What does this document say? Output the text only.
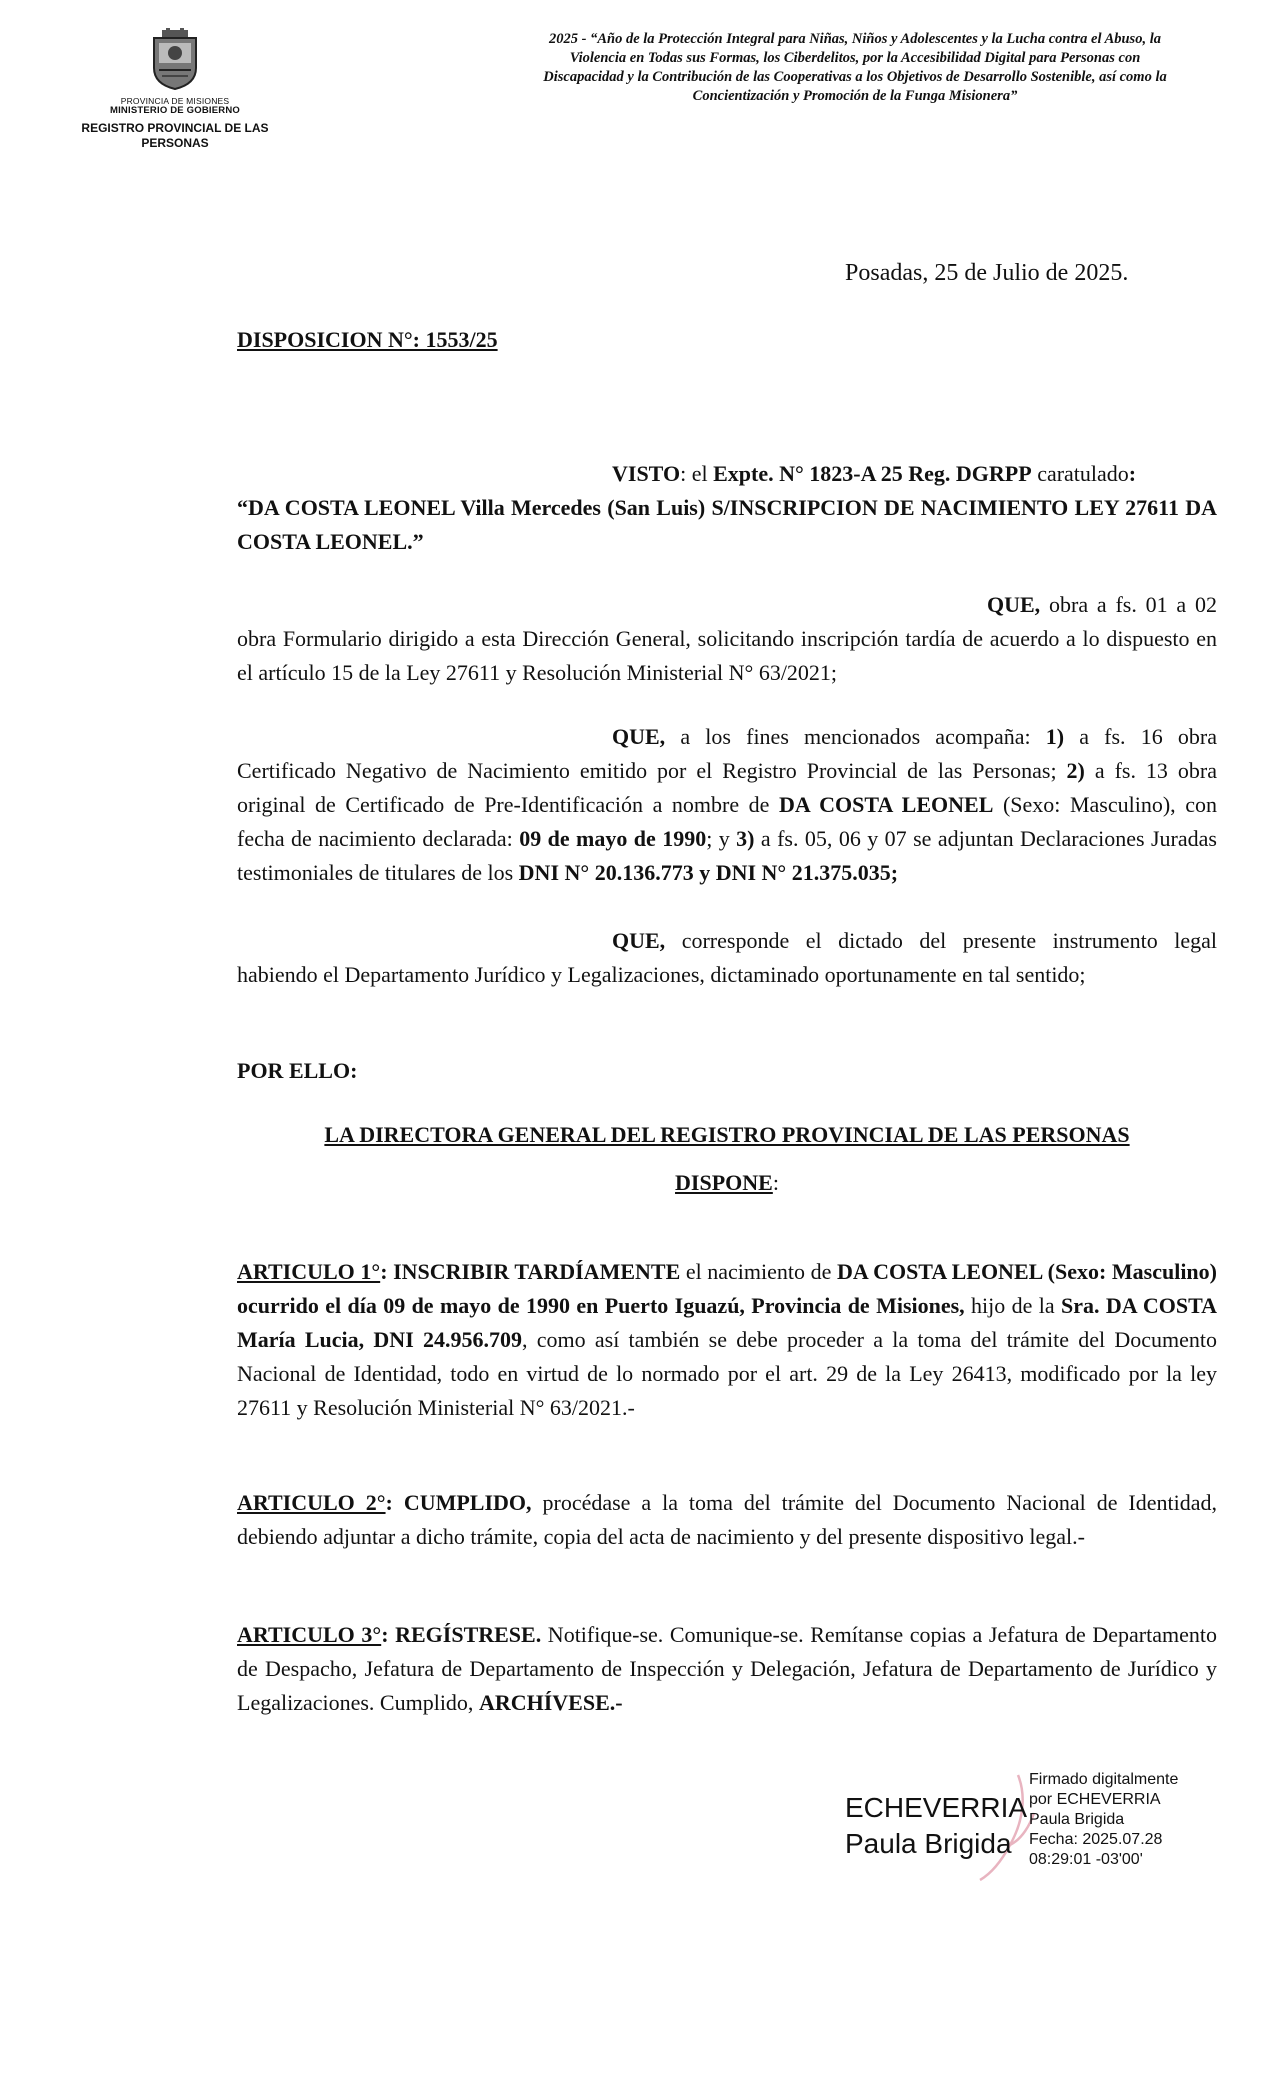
PROVINCIA DE MISIONES
MINISTERIO DE GOBIERNO
REGISTRO PROVINCIAL DE LAS PERSONAS
2025 - “Año de la Protección Integral para Niñas, Niños y Adolescentes y la Lucha contra el Abuso, la Violencia en Todas sus Formas, los Ciberdelitos, por la Accesibilidad Digital para Personas con Discapacidad y la Contribución de las Cooperativas a los Objetivos de Desarrollo Sostenible, así como la Concientización y Promoción de la Funga Misionera”
Posadas, 25 de Julio de 2025.
DISPOSICION N°: 1553/25
VISTO: el Expte. N° 1823-A 25 Reg. DGRPP caratulado:
“DA COSTA LEONEL Villa Mercedes (San Luis) S/INSCRIPCION DE NACIMIENTO LEY 27611 DA COSTA LEONEL.”
QUE, obra a fs. 01 a 02 obra Formulario dirigido a esta Dirección General, solicitando inscripción tardía de acuerdo a lo dispuesto en el artículo 15 de la Ley 27611 y Resolución Ministerial N° 63/2021;
QUE, a los fines mencionados acompaña: 1) a fs. 16 obra Certificado Negativo de Nacimiento emitido por el Registro Provincial de las Personas; 2) a fs. 13 obra original de Certificado de Pre-Identificación a nombre de DA COSTA LEONEL (Sexo: Masculino), con fecha de nacimiento declarada: 09 de mayo de 1990; y 3) a fs. 05, 06 y 07 se adjuntan Declaraciones Juradas testimoniales de titulares de los DNI N° 20.136.773 y DNI N° 21.375.035;
QUE, corresponde el dictado del presente instrumento legal habiendo el Departamento Jurídico y Legalizaciones, dictaminado oportunamente en tal sentido;
POR ELLO:
LA DIRECTORA GENERAL DEL REGISTRO PROVINCIAL DE LAS PERSONAS
DISPONE:
ARTICULO 1°: INSCRIBIR TARDÍAMENTE el nacimiento de DA COSTA LEONEL (Sexo: Masculino) ocurrido el día 09 de mayo de 1990 en Puerto Iguazú, Provincia de Misiones, hijo de la Sra. DA COSTA María Lucia, DNI 24.956.709, como así también se debe proceder a la toma del trámite del Documento Nacional de Identidad, todo en virtud de lo normado por el art. 29 de la Ley 26413, modificado por la ley 27611 y Resolución Ministerial N° 63/2021.-
ARTICULO 2°: CUMPLIDO, procédase a la toma del trámite del Documento Nacional de Identidad, debiendo adjuntar a dicho trámite, copia del acta de nacimiento y del presente dispositivo legal.-
ARTICULO 3°: REGÍSTRESE. Notifique-se. Comunique-se. Remítanse copias a Jefatura de Departamento de Despacho, Jefatura de Departamento de Inspección y Delegación, Jefatura de Departamento de Jurídico y Legalizaciones. Cumplido, ARCHÍVESE.-
ECHEVERRIA
Paula Brigida
Firmado digitalmente
por ECHEVERRIA
Paula Brigida
Fecha: 2025.07.28
08:29:01 -03'00'
